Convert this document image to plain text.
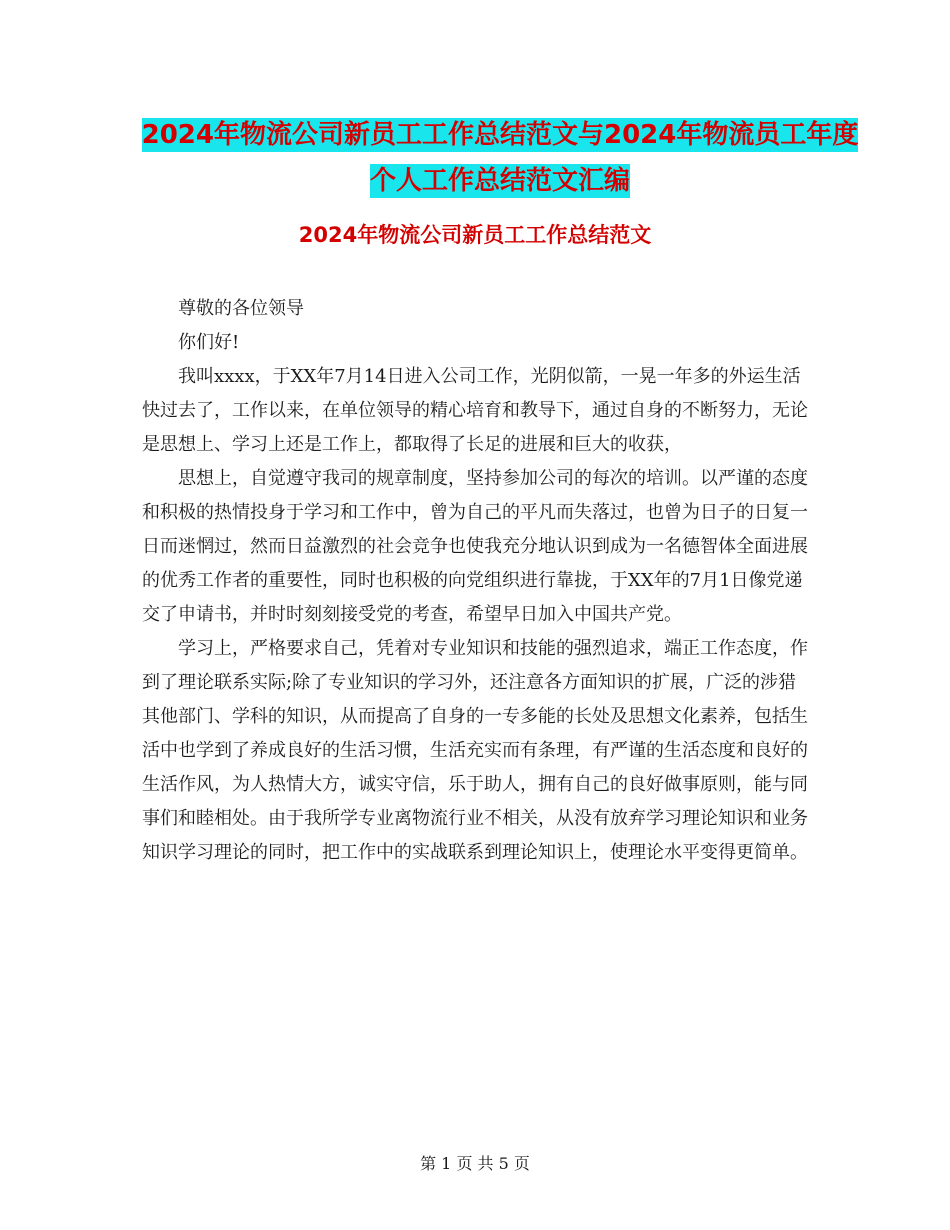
2024年物流公司新员工工作总结范文与2024年物流员工年度个人工作总结范文汇编
2024年物流公司新员工工作总结范文

尊敬的各位领导

你们好!

我叫xxxx，于XX年7月14日进入公司工作，光阴似箭，一晃一年多的外运生活快过去了，工作以来，在单位领导的精心培育和教导下，通过自身的不断努力，无论是思想上、学习上还是工作上，都取得了长足的进展和巨大的收获，

思想上，自觉遵守我司的规章制度，坚持参加公司的每次的培训。以严谨的态度和积极的热情投身于学习和工作中，曾为自己的平凡而失落过，也曾为日子的日复一日而迷惘过，然而日益激烈的社会竞争也使我充分地认识到成为一名德智体全面进展的优秀工作者的重要性，同时也积极的向党组织进行靠拢，于XX年的7月1日像党递交了申请书，并时时刻刻接受党的考查，希望早日加入中国共产党。

学习上，严格要求自己，凭着对专业知识和技能的强烈追求，端正工作态度，作到了理论联系实际;除了专业知识的学习外，还注意各方面知识的扩展，广泛的涉猎其他部门、学科的知识，从而提高了自身的一专多能的长处及思想文化素养，包括生活中也学到了养成良好的生活习惯，生活充实而有条理，有严谨的生活态度和良好的生活作风，为人热情大方，诚实守信，乐于助人，拥有自己的良好做事原则，能与同事们和睦相处。由于我所学专业离物流行业不相关，从没有放弃学习理论知识和业务知识学习理论的同时，把工作中的实战联系到理论知识上，使理论水平变得更简单。

第 1 页 共 5 页
